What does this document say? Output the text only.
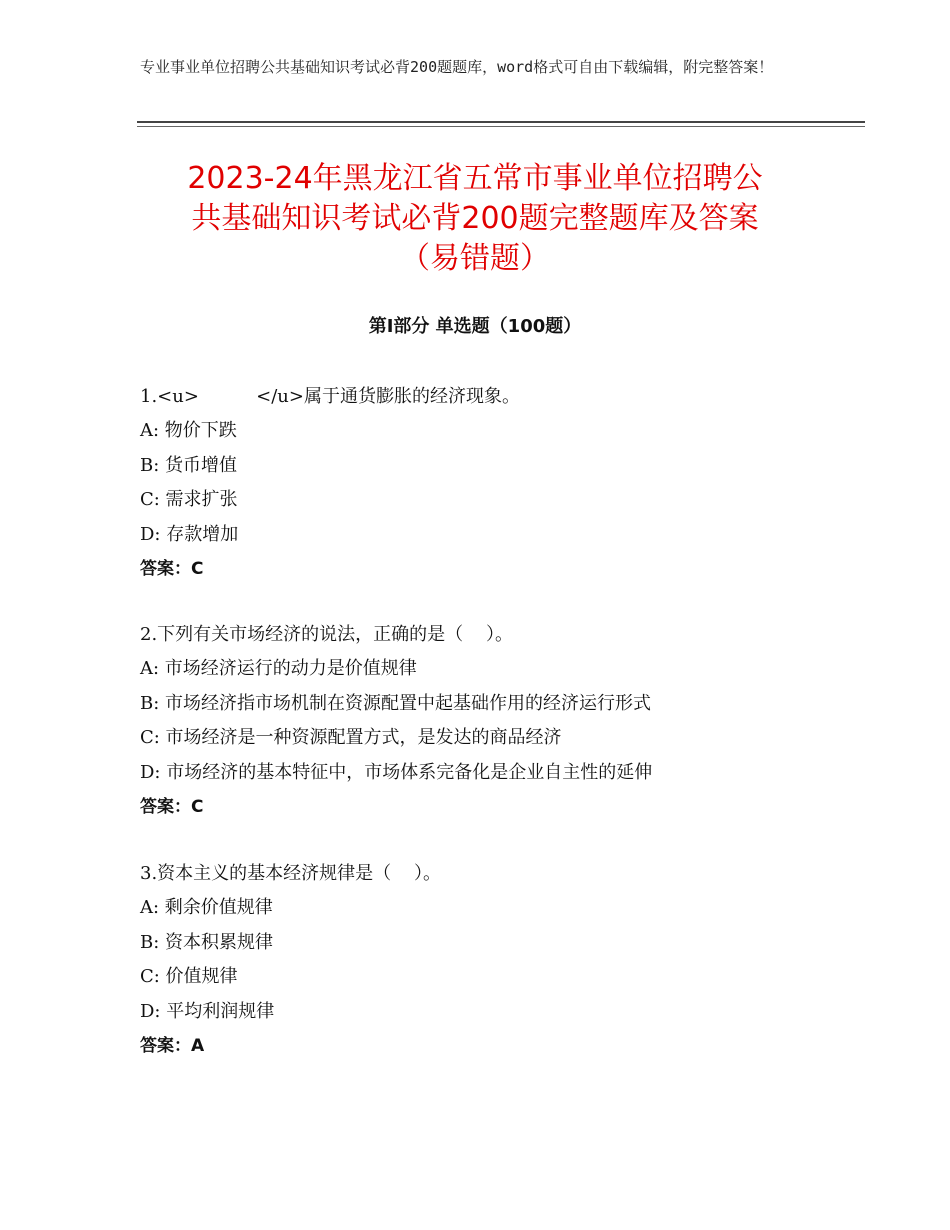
专业事业单位招聘公共基础知识考试必背200题题库，word格式可自由下载编辑，附完整答案！
2023-24年黑龙江省五常市事业单位招聘公
共基础知识考试必背200题完整题库及答案
（易错题）
第Ⅰ部分 单选题（100题）
1.<u>          </u>属于通货膨胀的经济现象。
A: 物价下跌
B: 货币增值
C: 需求扩张
D: 存款增加
答案：C
2.下列有关市场经济的说法，正确的是（    ）。
A: 市场经济运行的动力是价值规律
B: 市场经济指市场机制在资源配置中起基础作用的经济运行形式
C: 市场经济是一种资源配置方式，是发达的商品经济
D: 市场经济的基本特征中，市场体系完备化是企业自主性的延伸
答案：C
3.资本主义的基本经济规律是（    ）。
A: 剩余价值规律
B: 资本积累规律
C: 价值规律
D: 平均利润规律
答案：A
